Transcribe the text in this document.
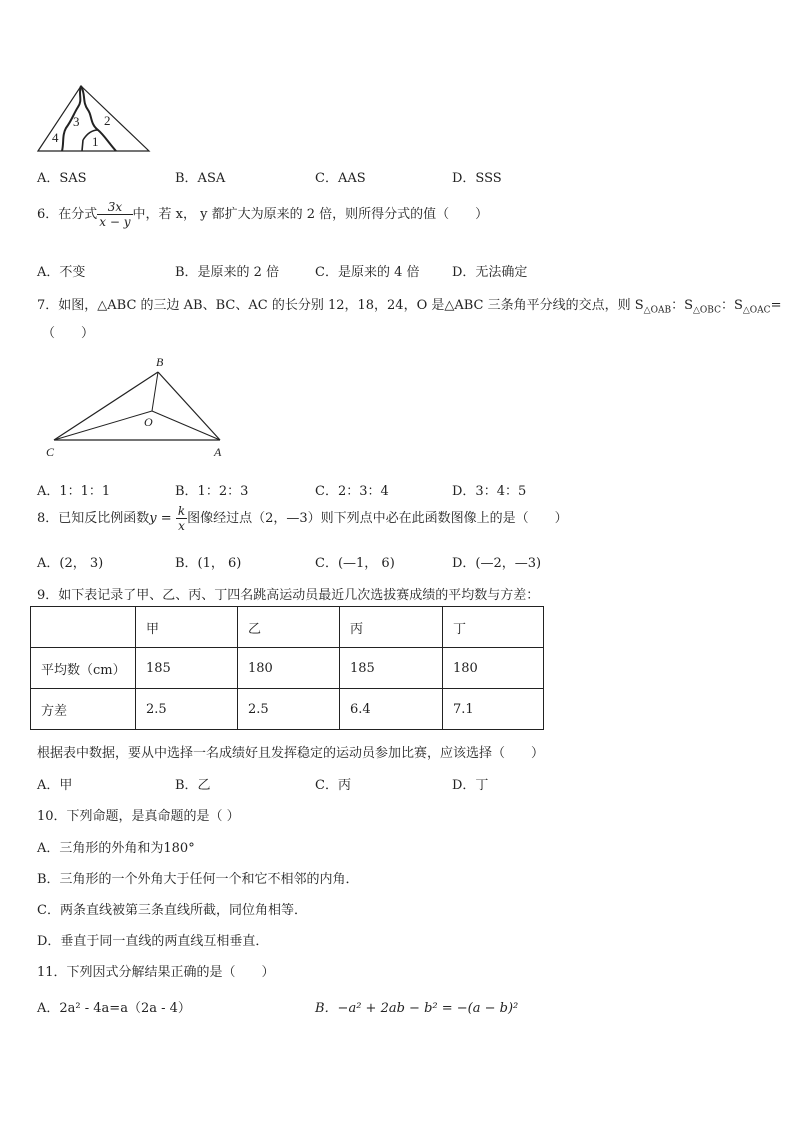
4
3 2
1
A．SAS	B．ASA	C．AAS	D．SSS
6．在分式 $\frac{3x}{x - y}$ 中，若 x， y 都扩大为原来的 2 倍，则所得分式的值（　　）
A．不变	B．是原来的 2 倍	C．是原来的 4 倍	D．无法确定
7．如图，△ABC 的三边 AB、BC、AC 的长分别 12，18，24，O 是△ABC 三条角平分线的交点，则 $S_{\triangle OAB}$：$S_{\triangle OBC}$：$S_{\triangle OAC}=$
（　　）
B
O
C	A
A．1：1：1	B．1：2：3	C．2：3：4	D．3：4：5
8．已知反比例函数$y = \frac{k}{x}$ 图像经过点（2，—3）则下列点中必在此函数图像上的是（　　）
A．(2， 3)	B．(1， 6)	C．(—1， 6)	D．(—2，—3)
9．如下表记录了甲、乙、丙、丁四名跳高运动员最近几次选拔赛成绩的平均数与方差：
	甲	乙	丙	丁
平均数（cm）	185	180	185	180
方差	2.5	2.5	6.4	7.1
根据表中数据，要从中选择一名成绩好且发挥稳定的运动员参加比赛，应该选择（　　）
A．甲	B．乙	C．丙	D．丁
10．下列命题，是真命题的是（ ）
A．三角形的外角和为180°
B．三角形的一个外角大于任何一个和它不相邻的内角．
C．两条直线被第三条直线所截，同位角相等．
D．垂直于同一直线的两直线互相垂直．
11．下列因式分解结果正确的是（　　）
A．2a² - 4a=a（2a - 4）	B．−a² + 2ab − b² = −(a − b)²
